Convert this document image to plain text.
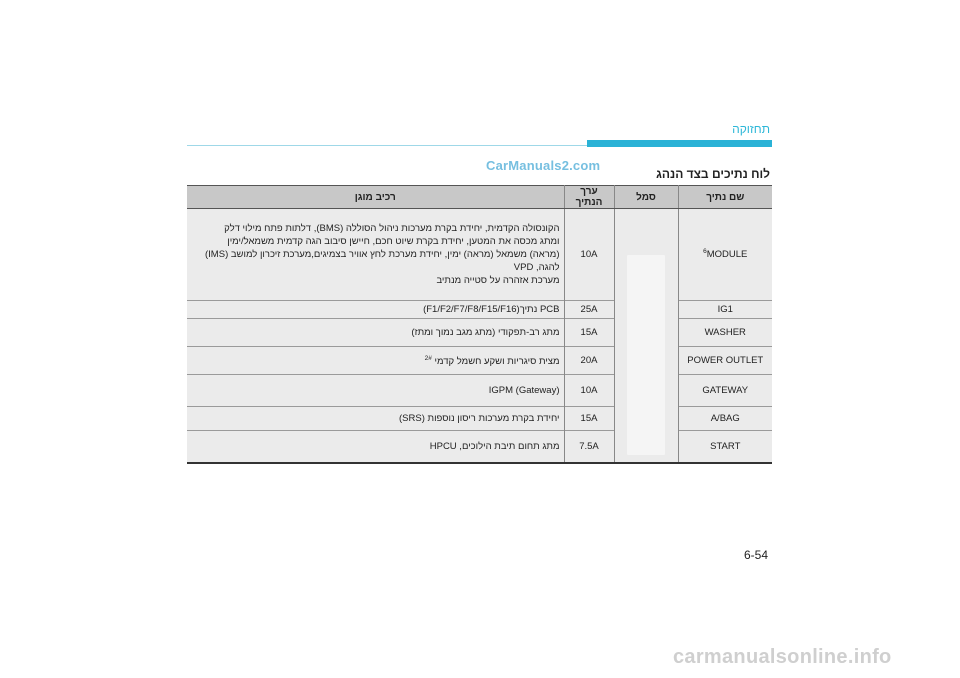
תחזוקה
CarManuals2.com
לוח נתיכים בצד הנהג
רכיב מוגן	ערך הנתיך	סמל	שם נתיך

הקונסולה הקדמית, יחידת בקרת מערכות ניהול הסוללה (BMS), דלתות פתח מילוי דלק
ומתג מכסה את המטען, יחידת בקרת שיוט חכם, חיישן סיבוב הגה קדמית משמאל/ימין
(מראה) משמאל (מראה) ימין, יחידת מערכת לחץ אוויר בצמיגים,מערכת זיכרון למושב (IMS)
להגה, VPD
מערכת אזהרה על סטייה מנתיב	10A		$^6$MODULE
PCB נתיך(F1/F2/F7/F8/F15/F16)	25A		IG1
מתג רב-תפקודי (מתג מגב נמוך ומתז)	15A		WASHER
מצית סיגריות ושקע חשמל קדמי $^{2\#}$	20A		POWER OUTLET
IGPM (Gateway)	10A		GATEWAY
יחידת בקרת מערכות ריסון נוספות (SRS)	15A		A/BAG
מתג תחום תיבת הילוכים, HPCU	7.5A		START
6-54
carmanualsonline.info
